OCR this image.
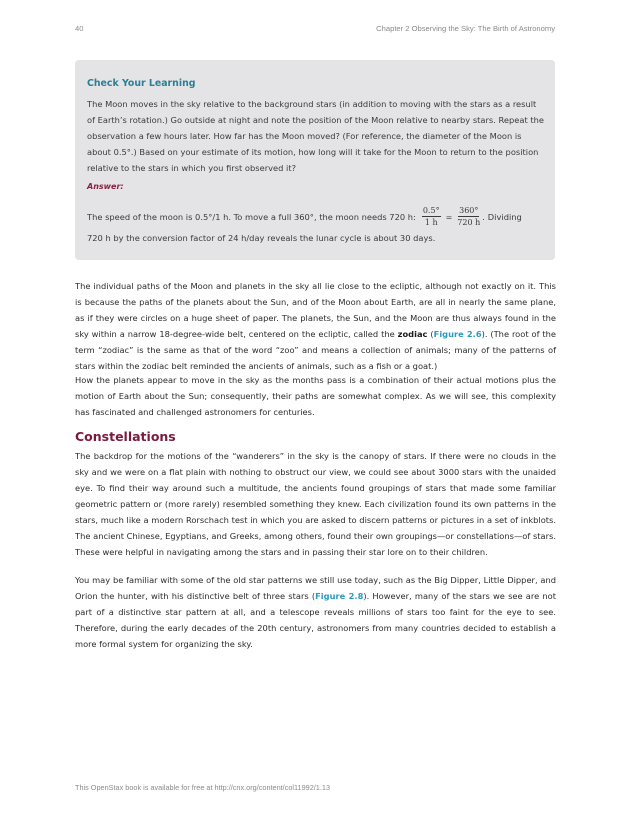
40	Chapter 2 Observing the Sky: The Birth of Astronomy
Check Your Learning
The Moon moves in the sky relative to the background stars (in addition to moving with the stars as a result of Earth’s rotation.) Go outside at night and note the position of the Moon relative to nearby stars. Repeat the observation a few hours later. How far has the Moon moved? (For reference, the diameter of the Moon is about 0.5°.) Based on your estimate of its motion, how long will it take for the Moon to return to the position relative to the stars in which you first observed it?
Answer:
The speed of the moon is 0.5°/1 h. To move a full 360°, the moon needs 720 h: $\frac{0.5^\circ}{1 h} = \frac{360^\circ}{720 h}$ . Dividing
720 h by the conversion factor of 24 h/day reveals the lunar cycle is about 30 days.
The individual paths of the Moon and planets in the sky all lie close to the ecliptic, although not exactly on it. This is because the paths of the planets about the Sun, and of the Moon about Earth, are all in nearly the same plane, as if they were circles on a huge sheet of paper. The planets, the Sun, and the Moon are thus always found in the sky within a narrow 18-degree-wide belt, centered on the ecliptic, called the zodiac (Figure 2.6). (The root of the term “zodiac” is the same as that of the word “zoo” and means a collection of animals; many of the patterns of stars within the zodiac belt reminded the ancients of animals, such as a fish or a goat.)
How the planets appear to move in the sky as the months pass is a combination of their actual motions plus the motion of Earth about the Sun; consequently, their paths are somewhat complex. As we will see, this complexity has fascinated and challenged astronomers for centuries.
Constellations
The backdrop for the motions of the “wanderers” in the sky is the canopy of stars. If there were no clouds in the sky and we were on a flat plain with nothing to obstruct our view, we could see about 3000 stars with the unaided eye. To find their way around such a multitude, the ancients found groupings of stars that made some familiar geometric pattern or (more rarely) resembled something they knew. Each civilization found its own patterns in the stars, much like a modern Rorschach test in which you are asked to discern patterns or pictures in a set of inkblots. The ancient Chinese, Egyptians, and Greeks, among others, found their own groupings—or constellations—of stars. These were helpful in navigating among the stars and in passing their star lore on to their children.
You may be familiar with some of the old star patterns we still use today, such as the Big Dipper, Little Dipper, and Orion the hunter, with his distinctive belt of three stars (Figure 2.8). However, many of the stars we see are not part of a distinctive star pattern at all, and a telescope reveals millions of stars too faint for the eye to see. Therefore, during the early decades of the 20th century, astronomers from many countries decided to establish a more formal system for organizing the sky.
This OpenStax book is available for free at http://cnx.org/content/col11992/1.13
